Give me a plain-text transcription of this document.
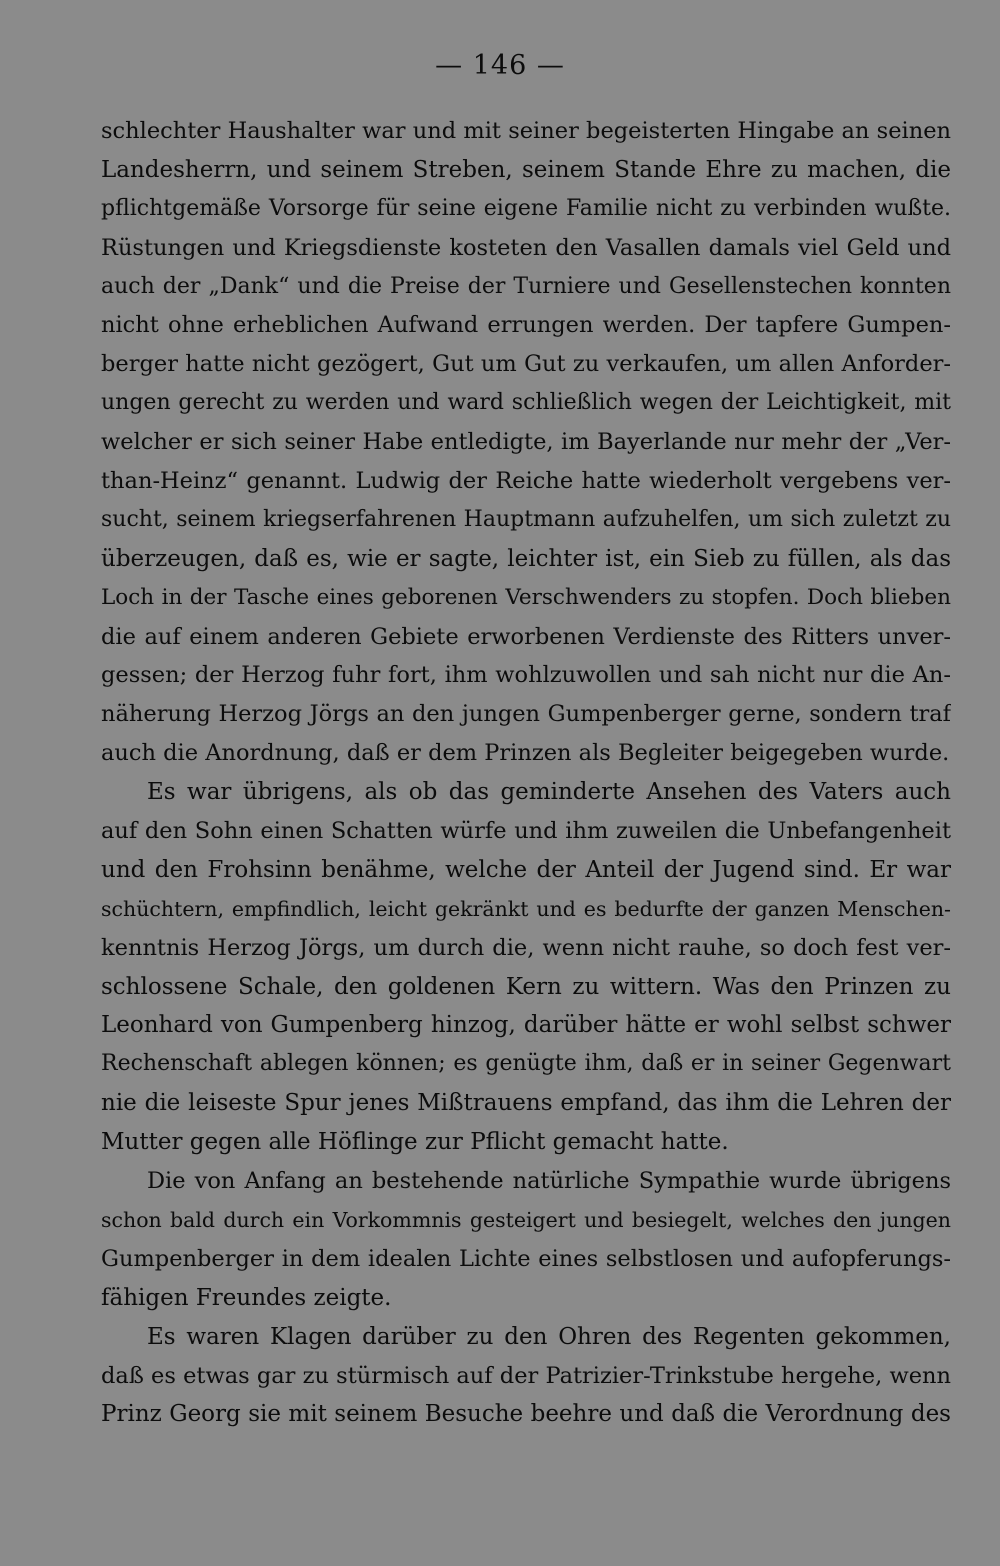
— 146 —
schlechter Haushalter war und mit seiner begeisterten Hingabe an seinen
Landesherrn, und seinem Streben, seinem Stande Ehre zu machen, die
pflichtgemäße Vorsorge für seine eigene Familie nicht zu verbinden wußte.
Rüstungen und Kriegsdienste kosteten den Vasallen damals viel Geld und
auch der „Dank“ und die Preise der Turniere und Gesellenstechen konnten
nicht ohne erheblichen Aufwand errungen werden. Der tapfere Gumpen-
berger hatte nicht gezögert, Gut um Gut zu verkaufen, um allen Anforder-
ungen gerecht zu werden und ward schließlich wegen der Leichtigkeit, mit
welcher er sich seiner Habe entledigte, im Bayerlande nur mehr der „Ver-
than-Heinz“ genannt. Ludwig der Reiche hatte wiederholt vergebens ver-
sucht, seinem kriegserfahrenen Hauptmann aufzuhelfen, um sich zuletzt zu
überzeugen, daß es, wie er sagte, leichter ist, ein Sieb zu füllen, als das
Loch in der Tasche eines geborenen Verschwenders zu stopfen. Doch blieben
die auf einem anderen Gebiete erworbenen Verdienste des Ritters unver-
gessen; der Herzog fuhr fort, ihm wohlzuwollen und sah nicht nur die An-
näherung Herzog Jörgs an den jungen Gumpenberger gerne, sondern traf
auch die Anordnung, daß er dem Prinzen als Begleiter beigegeben wurde.
Es war übrigens, als ob das geminderte Ansehen des Vaters auch
auf den Sohn einen Schatten würfe und ihm zuweilen die Unbefangenheit
und den Frohsinn benähme, welche der Anteil der Jugend sind. Er war
schüchtern, empfindlich, leicht gekränkt und es bedurfte der ganzen Menschen-
kenntnis Herzog Jörgs, um durch die, wenn nicht rauhe, so doch fest ver-
schlossene Schale, den goldenen Kern zu wittern. Was den Prinzen zu
Leonhard von Gumpenberg hinzog, darüber hätte er wohl selbst schwer
Rechenschaft ablegen können; es genügte ihm, daß er in seiner Gegenwart
nie die leiseste Spur jenes Mißtrauens empfand, das ihm die Lehren der
Mutter gegen alle Höflinge zur Pflicht gemacht hatte.
Die von Anfang an bestehende natürliche Sympathie wurde übrigens
schon bald durch ein Vorkommnis gesteigert und besiegelt, welches den jungen
Gumpenberger in dem idealen Lichte eines selbstlosen und aufopferungs-
fähigen Freundes zeigte.
Es waren Klagen darüber zu den Ohren des Regenten gekommen,
daß es etwas gar zu stürmisch auf der Patrizier-Trinkstube hergehe, wenn
Prinz Georg sie mit seinem Besuche beehre und daß die Verordnung des
